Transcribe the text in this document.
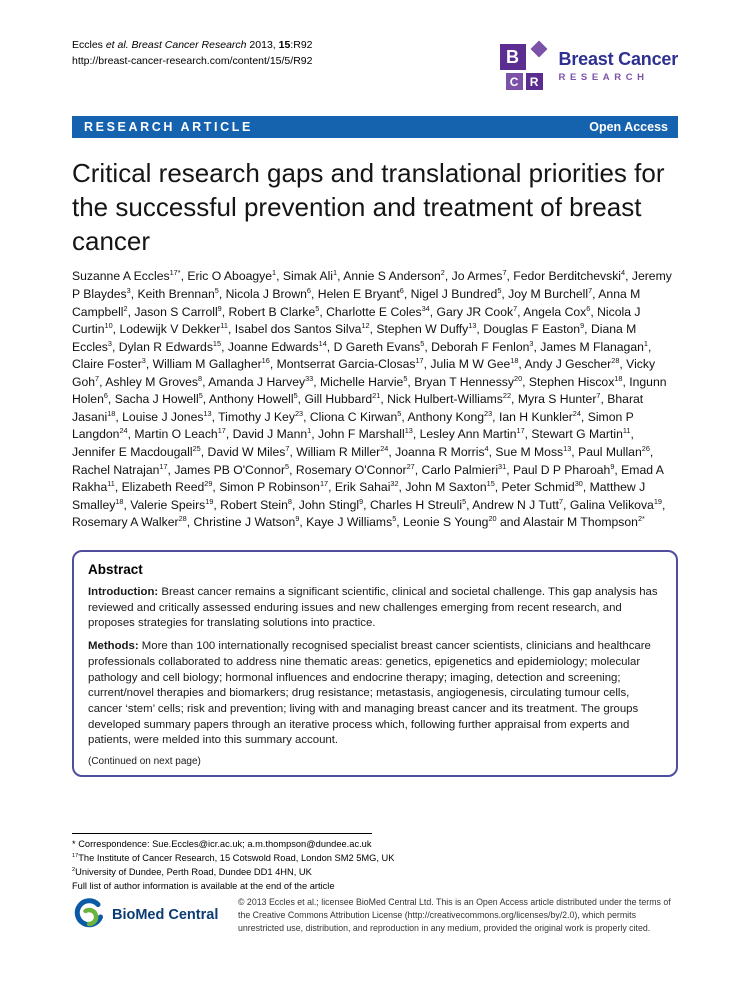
Eccles et al. Breast Cancer Research 2013, 15:R92
http://breast-cancer-research.com/content/15/5/R92	B
C R
Breast Cancer
RESEARCH
RESEARCH ARTICLE	Open Access
Critical research gaps and translational priorities for the successful prevention and treatment of breast cancer

Suzanne A Eccles$^{17*}$, Eric O Aboagye$^1$, Simak Ali$^1$, Annie S Anderson$^2$, Jo Armes$^7$, Fedor Berditchevski$^4$, Jeremy P Blaydes$^3$, Keith Brennan$^5$, Nicola J Brown$^6$, Helen E Bryant$^6$, Nigel J Bundred$^5$, Joy M Burchell$^7$, Anna M Campbell$^2$, Jason S Carroll$^9$, Robert B Clarke$^5$, Charlotte E Coles$^{34}$, Gary JR Cook$^7$, Angela Cox$^6$, Nicola J Curtin$^{10}$, Lodewijk V Dekker$^{11}$, Isabel dos Santos Silva$^{12}$, Stephen W Duffy$^{13}$, Douglas F Easton$^9$, Diana M Eccles$^3$, Dylan R Edwards$^{15}$, Joanne Edwards$^{14}$, D Gareth Evans$^5$, Deborah F Fenlon$^3$, James M Flanagan$^1$, Claire Foster$^3$, William M Gallagher$^{16}$, Montserrat Garcia-Closas$^{17}$, Julia M W Gee$^{18}$, Andy J Gescher$^{28}$, Vicky Goh$^7$, Ashley M Groves$^8$, Amanda J Harvey$^{33}$, Michelle Harvie$^5$, Bryan T Hennessy$^{20}$, Stephen Hiscox$^{18}$, Ingunn Holen$^6$, Sacha J Howell$^5$, Anthony Howell$^5$, Gill Hubbard$^{21}$, Nick Hulbert-Williams$^{22}$, Myra S Hunter$^7$, Bharat Jasani$^{18}$, Louise J Jones$^{13}$, Timothy J Key$^{23}$, Cliona C Kirwan$^5$, Anthony Kong$^{23}$, Ian H Kunkler$^{24}$, Simon P Langdon$^{24}$, Martin O Leach$^{17}$, David J Mann$^1$, John F Marshall$^{13}$, Lesley Ann Martin$^{17}$, Stewart G Martin$^{11}$, Jennifer E Macdougall$^{25}$, David W Miles$^7$, William R Miller$^{24}$, Joanna R Morris$^4$, Sue M Moss$^{13}$, Paul Mullan$^{26}$, Rachel Natrajan$^{17}$, James PB O'Connor$^5$, Rosemary O'Connor$^{27}$, Carlo Palmieri$^{31}$, Paul D P Pharoah$^9$, Emad A Rakha$^{11}$, Elizabeth Reed$^{29}$, Simon P Robinson$^{17}$, Erik Sahai$^{32}$, John M Saxton$^{15}$, Peter Schmid$^{30}$, Matthew J Smalley$^{18}$, Valerie Speirs$^{19}$, Robert Stein$^8$, John Stingl$^9$, Charles H Streuli$^5$, Andrew N J Tutt$^7$, Galina Velikova$^{19}$, Rosemary A Walker$^{28}$, Christine J Watson$^9$, Kaye J Williams$^5$, Leonie S Young$^{20}$ and Alastair M Thompson$^{2*}$

Abstract

Introduction: Breast cancer remains a significant scientific, clinical and societal challenge. This gap analysis has reviewed and critically assessed enduring issues and new challenges emerging from recent research, and proposes strategies for translating solutions into practice.

Methods: More than 100 internationally recognised specialist breast cancer scientists, clinicians and healthcare professionals collaborated to address nine thematic areas: genetics, epigenetics and epidemiology; molecular pathology and cell biology; hormonal influences and endocrine therapy; imaging, detection and screening; current/novel therapies and biomarkers; drug resistance; metastasis, angiogenesis, circulating tumour cells, cancer ‘stem’ cells; risk and prevention; living with and managing breast cancer and its treatment. The groups developed summary papers through an iterative process which, following further appraisal from experts and patients, were melded into this summary account.

(Continued on next page)

* Correspondence: Sue.Eccles@icr.ac.uk; a.m.thompson@dundee.ac.uk
$^{17}$The Institute of Cancer Research, 15 Cotswold Road, London SM2 5MG, UK
$^2$University of Dundee, Perth Road, Dundee DD1 4HN, UK
Full list of author information is available at the end of the article
BioMed Central
© 2013 Eccles et al.; licensee BioMed Central Ltd. This is an Open Access article distributed under the terms of the Creative Commons Attribution License (http://creativecommons.org/licenses/by/2.0), which permits unrestricted use, distribution, and reproduction in any medium, provided the original work is properly cited.
